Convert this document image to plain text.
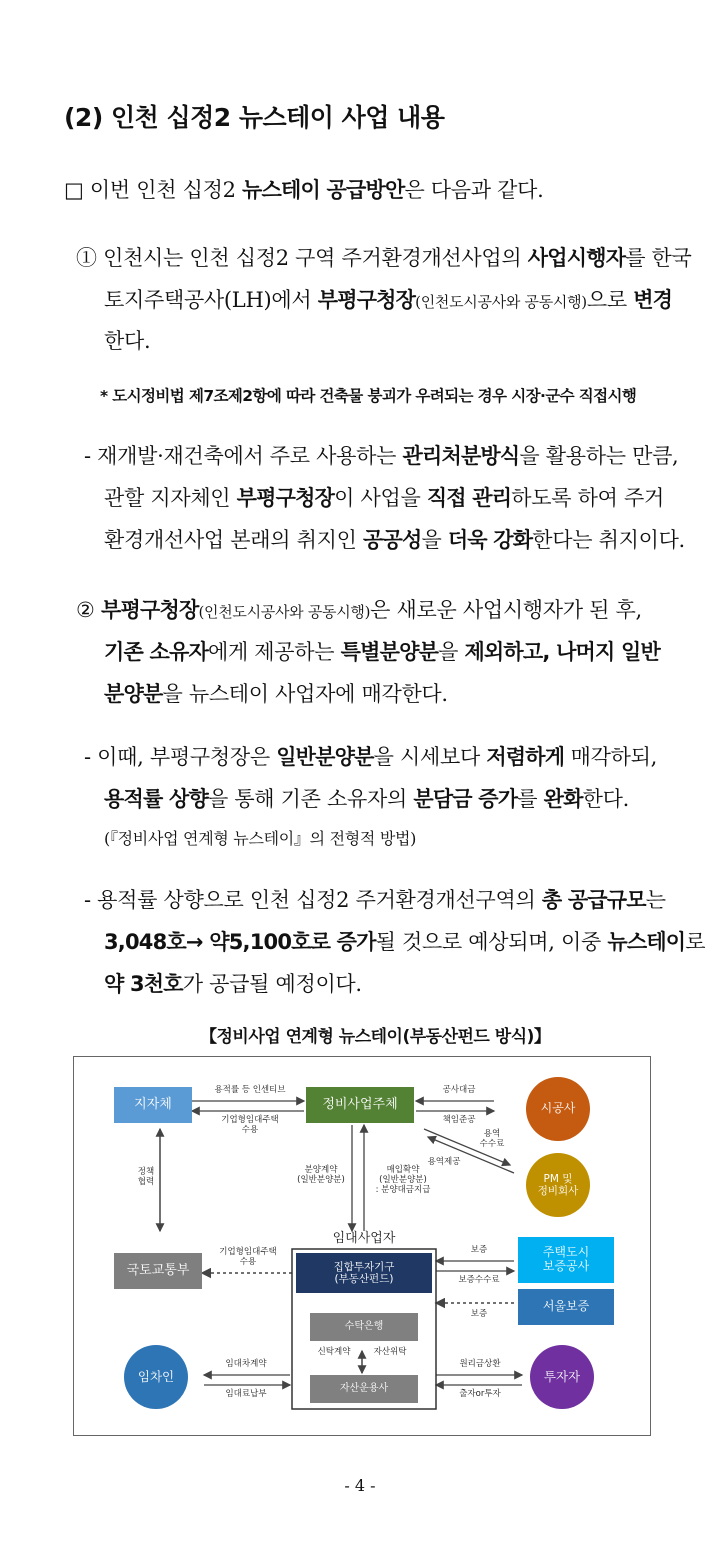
(2) 인천 십정2 뉴스테이 사업 내용
□ 이번 인천 십정2 뉴스테이 공급방안은 다음과 같다.
① 인천시는 인천 십정2 구역 주거환경개선사업의 사업시행자를 한국
토지주택공사(LH)에서 부평구청장(인천도시공사와 공동시행)으로 변경
한다.
* 도시정비법 제7조제2항에 따라 건축물 붕괴가 우려되는 경우 시장·군수 직접시행
- 재개발·재건축에서 주로 사용하는 관리처분방식을 활용하는 만큼,
관할 지자체인 부평구청장이 사업을 직접 관리하도록 하여 주거
환경개선사업 본래의 취지인 공공성을 더욱 강화한다는 취지이다.
② 부평구청장(인천도시공사와 공동시행)은 새로운 사업시행자가 된 후,
기존 소유자에게 제공하는 특별분양분을 제외하고, 나머지 일반
분양분을 뉴스테이 사업자에 매각한다.
- 이때, 부평구청장은 일반분양분을 시세보다 저렴하게 매각하되,
용적률 상향을 통해 기존 소유자의 분담금 증가를 완화한다.
(『정비사업 연계형 뉴스테이』의 전형적 방법)
- 용적률 상향으로 인천 십정2 주거환경개선구역의 총 공급규모는
3,048호→ 약5,100호로 증가될 것으로 예상되며, 이중 뉴스테이로
약 3천호가 공급될 예정이다.
【정비사업 연계형 뉴스테이(부동산펀드 방식)】
지자체	정비사업주체
국토교통부
임대사업자
집합투자기구
(부동산펀드)
수탁은행
자산운용사
주택도시
보증공사
서울보증
시공사
PM 및
정비회사
임차인	투자자
용적률 등 인센티브
기업형임대주택
수용
공사대금
책임준공
용역
수수료
용역제공
정책
협력
분양계약
(일반분양분)
매입확약
(일반분양분)
: 분양대금지급
기업형임대주택
수용
보증
보증수수료
보증
신탁계약	자산위탁
임대차계약
임대료납부
원리금상환
출자or투자
- 4 -
